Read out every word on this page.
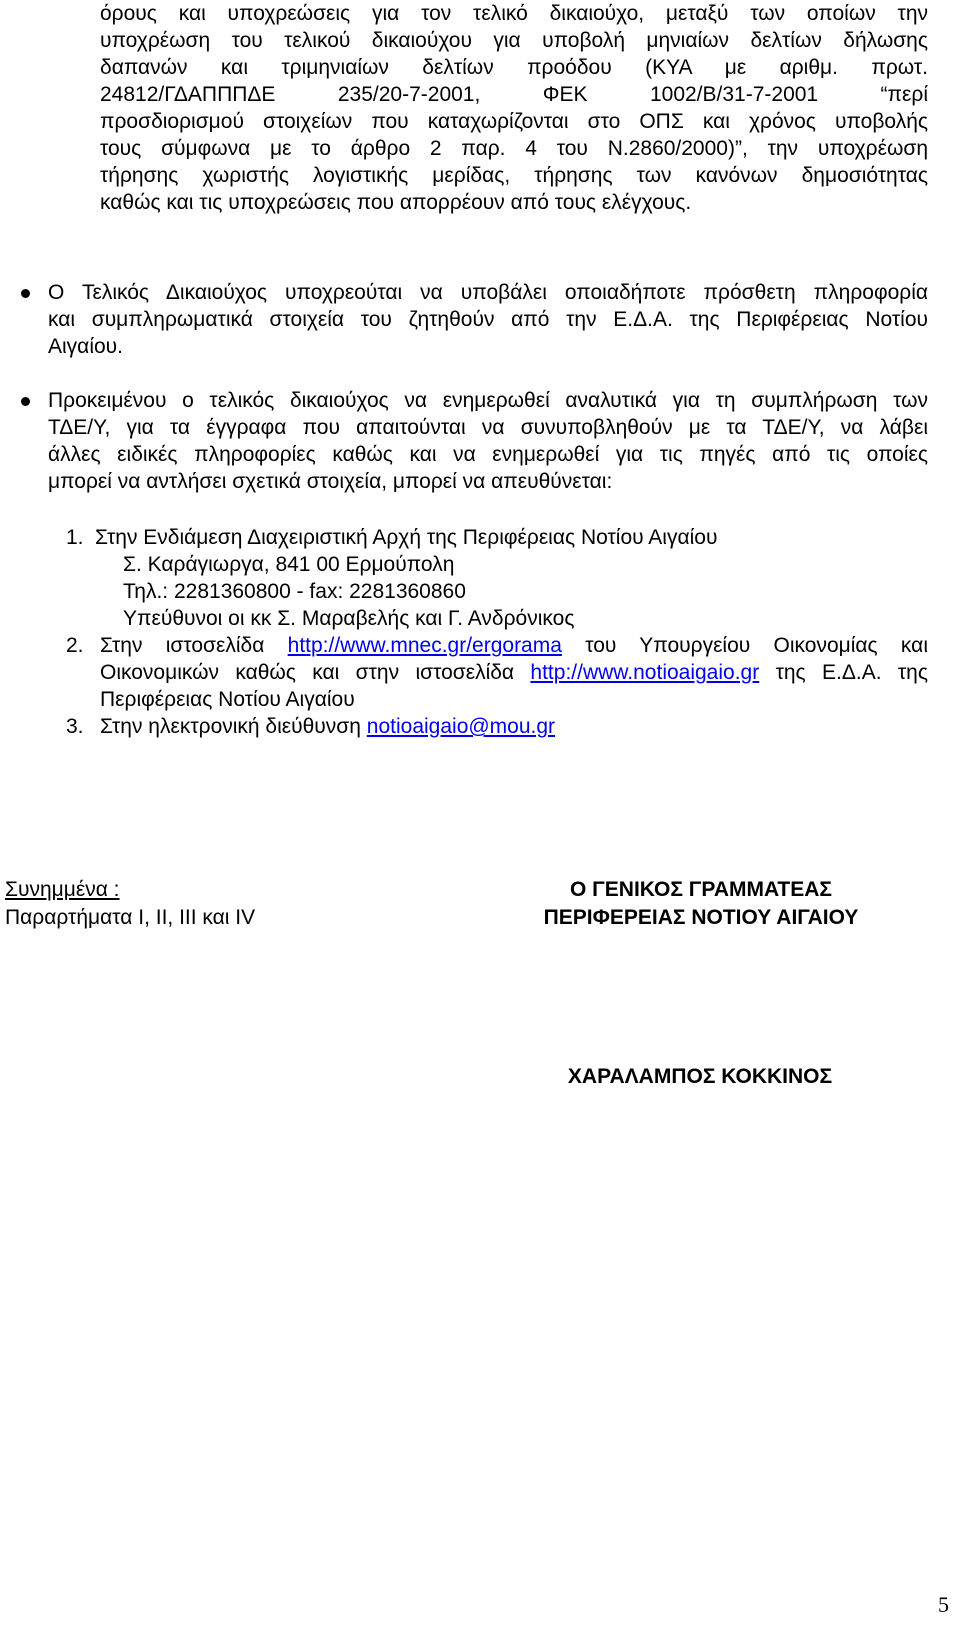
όρους και υποχρεώσεις για τον τελικό δικαιούχο, μεταξύ των οποίων την
υποχρέωση του τελικού δικαιούχου για υποβολή μηνιαίων δελτίων δήλωσης
δαπανών και τριμηνιαίων δελτίων προόδου (ΚΥΑ με αριθμ. πρωτ.
24812/ΓΔΑΠΠΠΔΕ 235/20-7-2001, ΦΕΚ 1002/Β/31-7-2001 “περί
προσδιορισμού στοιχείων που καταχωρίζονται στο ΟΠΣ και χρόνος υποβολής
τους σύμφωνα με το άρθρο 2 παρ. 4 του Ν.2860/2000)”, την υποχρέωση
τήρησης χωριστής λογιστικής μερίδας, τήρησης των κανόνων δημοσιότητας
καθώς και τις υποχρεώσεις που απορρέουν από τους ελέγχους.
Ο Τελικός Δικαιούχος υποχρεούται να υποβάλει οποιαδήποτε πρόσθετη πληροφορία
και συμπληρωματικά στοιχεία του ζητηθούν από την Ε.Δ.Α. της Περιφέρειας Νοτίου
Αιγαίου.
Προκειμένου ο τελικός δικαιούχος να ενημερωθεί αναλυτικά για τη συμπλήρωση των
ΤΔΕ/Υ, για τα έγγραφα που απαιτούνται να συνυποβληθούν με τα ΤΔΕ/Υ, να λάβει
άλλες ειδικές πληροφορίες καθώς και να ενημερωθεί για τις πηγές από τις οποίες
μπορεί να αντλήσει σχετικά στοιχεία, μπορεί να απευθύνεται:
1. Στην Ενδιάμεση Διαχειριστική Αρχή της Περιφέρειας Νοτίου Αιγαίου
Σ. Καράγιωργα, 841 00 Ερμούπολη
Τηλ.: 2281360800 - fax: 2281360860
Υπεύθυνοι οι κκ Σ. Μαραβελής και Γ. Ανδρόνικος
2. Στην ιστοσελίδα http://www.mnec.gr/ergorama του Υπουργείου Οικονομίας και
Οικονομικών καθώς και στην ιστοσελίδα http://www.notioaigaio.gr της Ε.Δ.Α. της
Περιφέρειας Νοτίου Αιγαίου
3. Στην ηλεκτρονική διεύθυνση notioaigaio@mou.gr
Συνημμένα :
Παραρτήματα Ι, ΙΙ, ΙΙΙ και ΙV
Ο ΓΕΝΙΚΟΣ ΓΡΑΜΜΑΤΕΑΣ
ΠΕΡΙΦΕΡΕΙΑΣ ΝΟΤΙΟΥ ΑΙΓΑΙΟΥ
ΧΑΡΑΛΑΜΠΟΣ ΚΟΚΚΙΝΟΣ
5
